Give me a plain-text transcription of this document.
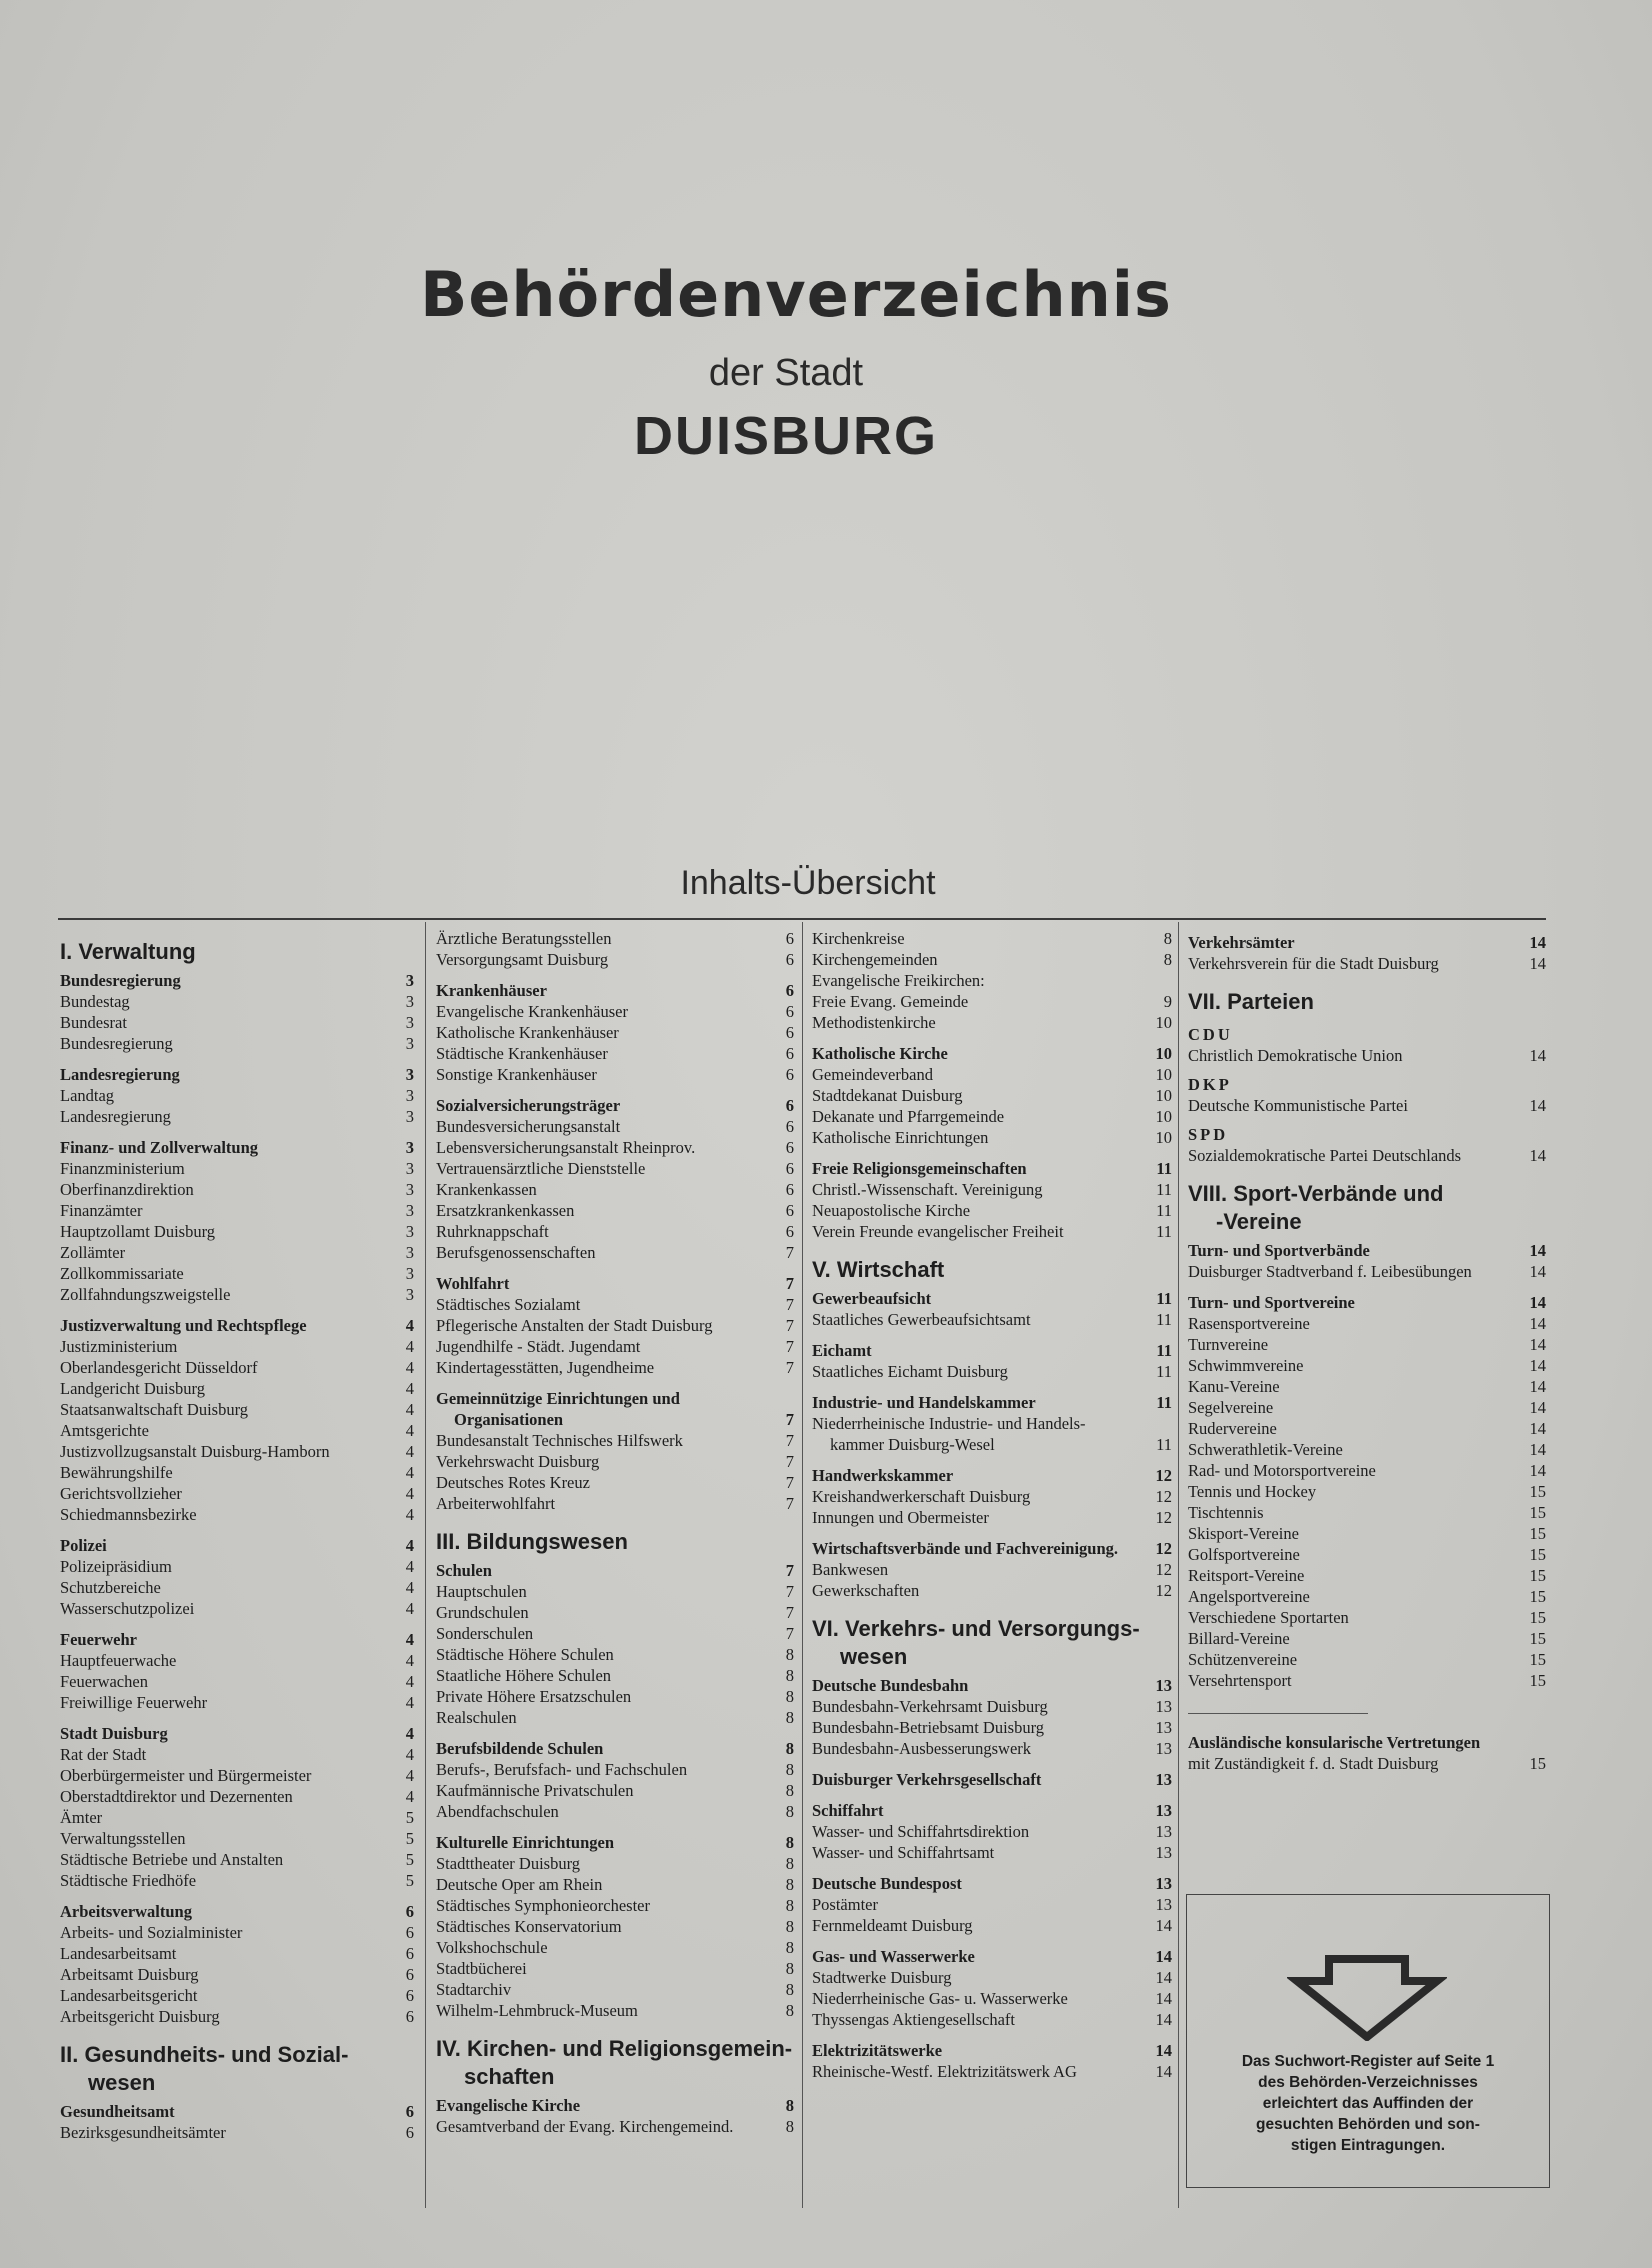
Behördenverzeichnis
der Stadt
DUISBURG
Inhalts-Übersicht
I. Verwaltung
Bundesregierung	3
Bundestag	3
Bundesrat	3
Bundesregierung	3
Landesregierung	3
Landtag	3
Landesregierung	3
Finanz- und Zollverwaltung	3
Finanzministerium	3
Oberfinanzdirektion	3
Finanzämter	3
Hauptzollamt Duisburg	3
Zollämter	3
Zollkommissariate	3
Zollfahndungszweigstelle	3
Justizverwaltung und Rechtspflege	4
Justizministerium	4
Oberlandesgericht Düsseldorf	4
Landgericht Duisburg	4
Staatsanwaltschaft Duisburg	4
Amtsgerichte	4
Justizvollzugsanstalt Duisburg-Hamborn	4
Bewährungshilfe	4
Gerichtsvollzieher	4
Schiedmannsbezirke	4
Polizei	4
Polizeipräsidium	4
Schutzbereiche	4
Wasserschutzpolizei	4
Feuerwehr	4
Hauptfeuerwache	4
Feuerwachen	4
Freiwillige Feuerwehr	4
Stadt Duisburg	4
Rat der Stadt	4
Oberbürgermeister und Bürgermeister	4
Oberstadtdirektor und Dezernenten	4
Ämter	5
Verwaltungsstellen	5
Städtische Betriebe und Anstalten	5
Städtische Friedhöfe	5
Arbeitsverwaltung	6
Arbeits- und Sozialminister	6
Landesarbeitsamt	6
Arbeitsamt Duisburg	6
Landesarbeitsgericht	6
Arbeitsgericht Duisburg	6
II. Gesundheits- und Sozial-
wesen
Gesundheitsamt	6
Bezirksgesundheitsämter	6
Ärztliche Beratungsstellen	6
Versorgungsamt Duisburg	6
Krankenhäuser	6
Evangelische Krankenhäuser	6
Katholische Krankenhäuser	6
Städtische Krankenhäuser	6
Sonstige Krankenhäuser	6
Sozialversicherungsträger	6
Bundesversicherungsanstalt	6
Lebensversicherungsanstalt Rheinprov.	6
Vertrauensärztliche Dienststelle	6
Krankenkassen	6
Ersatzkrankenkassen	6
Ruhrknappschaft	6
Berufsgenossenschaften	7
Wohlfahrt	7
Städtisches Sozialamt	7
Pflegerische Anstalten der Stadt Duisburg	7
Jugendhilfe - Städt. Jugendamt	7
Kindertagesstätten, Jugendheime	7
Gemeinnützige Einrichtungen und
Organisationen	7
Bundesanstalt Technisches Hilfswerk	7
Verkehrswacht Duisburg	7
Deutsches Rotes Kreuz	7
Arbeiterwohlfahrt	7
III. Bildungswesen
Schulen	7
Hauptschulen	7
Grundschulen	7
Sonderschulen	7
Städtische Höhere Schulen	8
Staatliche Höhere Schulen	8
Private Höhere Ersatzschulen	8
Realschulen	8
Berufsbildende Schulen	8
Berufs-, Berufsfach- und Fachschulen	8
Kaufmännische Privatschulen	8
Abendfachschulen	8
Kulturelle Einrichtungen	8
Stadttheater Duisburg	8
Deutsche Oper am Rhein	8
Städtisches Symphonieorchester	8
Städtisches Konservatorium	8
Volkshochschule	8
Stadtbücherei	8
Stadtarchiv	8
Wilhelm-Lehmbruck-Museum	8
IV. Kirchen- und Religionsgemein-
schaften
Evangelische Kirche	8
Gesamtverband der Evang. Kirchengemeind.	8
Kirchenkreise	8
Kirchengemeinden	8
Evangelische Freikirchen:
Freie Evang. Gemeinde	9
Methodistenkirche	10
Katholische Kirche	10
Gemeindeverband	10
Stadtdekanat Duisburg	10
Dekanate und Pfarrgemeinde	10
Katholische Einrichtungen	10
Freie Religionsgemeinschaften	11
Christl.-Wissenschaft. Vereinigung	11
Neuapostolische Kirche	11
Verein Freunde evangelischer Freiheit	11
V. Wirtschaft
Gewerbeaufsicht	11
Staatliches Gewerbeaufsichtsamt	11
Eichamt	11
Staatliches Eichamt Duisburg	11
Industrie- und Handelskammer	11
Niederrheinische Industrie- und Handels-
kammer Duisburg-Wesel	11
Handwerkskammer	12
Kreishandwerkerschaft Duisburg	12
Innungen und Obermeister	12
Wirtschaftsverbände und Fachvereinigung.	12
Bankwesen	12
Gewerkschaften	12
VI. Verkehrs- und Versorgungs-
wesen
Deutsche Bundesbahn	13
Bundesbahn-Verkehrsamt Duisburg	13
Bundesbahn-Betriebsamt Duisburg	13
Bundesbahn-Ausbesserungswerk	13
Duisburger Verkehrsgesellschaft	13
Schiffahrt	13
Wasser- und Schiffahrtsdirektion	13
Wasser- und Schiffahrtsamt	13
Deutsche Bundespost	13
Postämter	13
Fernmeldeamt Duisburg	14
Gas- und Wasserwerke	14
Stadtwerke Duisburg	14
Niederrheinische Gas- u. Wasserwerke	14
Thyssengas Aktiengesellschaft	14
Elektrizitätswerke	14
Rheinische-Westf. Elektrizitätswerk AG	14
Verkehrsämter	14
Verkehrsverein für die Stadt Duisburg	14
VII. Parteien
CDU
Christlich Demokratische Union	14
DKP
Deutsche Kommunistische Partei	14
SPD
Sozialdemokratische Partei Deutschlands	14
VIII. Sport-Verbände und
-Vereine
Turn- und Sportverbände	14
Duisburger Stadtverband f. Leibesübungen	14
Turn- und Sportvereine	14
Rasensportvereine	14
Turnvereine	14
Schwimmvereine	14
Kanu-Vereine	14
Segelvereine	14
Rudervereine	14
Schwerathletik-Vereine	14
Rad- und Motorsportvereine	14
Tennis und Hockey	15
Tischtennis	15
Skisport-Vereine	15
Golfsportvereine	15
Reitsport-Vereine	15
Angelsportvereine	15
Verschiedene Sportarten	15
Billard-Vereine	15
Schützenvereine	15
Versehrtensport	15
Ausländische konsularische Vertretungen
mit Zuständigkeit f. d. Stadt Duisburg	15
Das Suchwort-Register auf Seite 1
des Behörden-Verzeichnisses
erleichtert das Auffinden der
gesuchten Behörden und son-
stigen Eintragungen.
